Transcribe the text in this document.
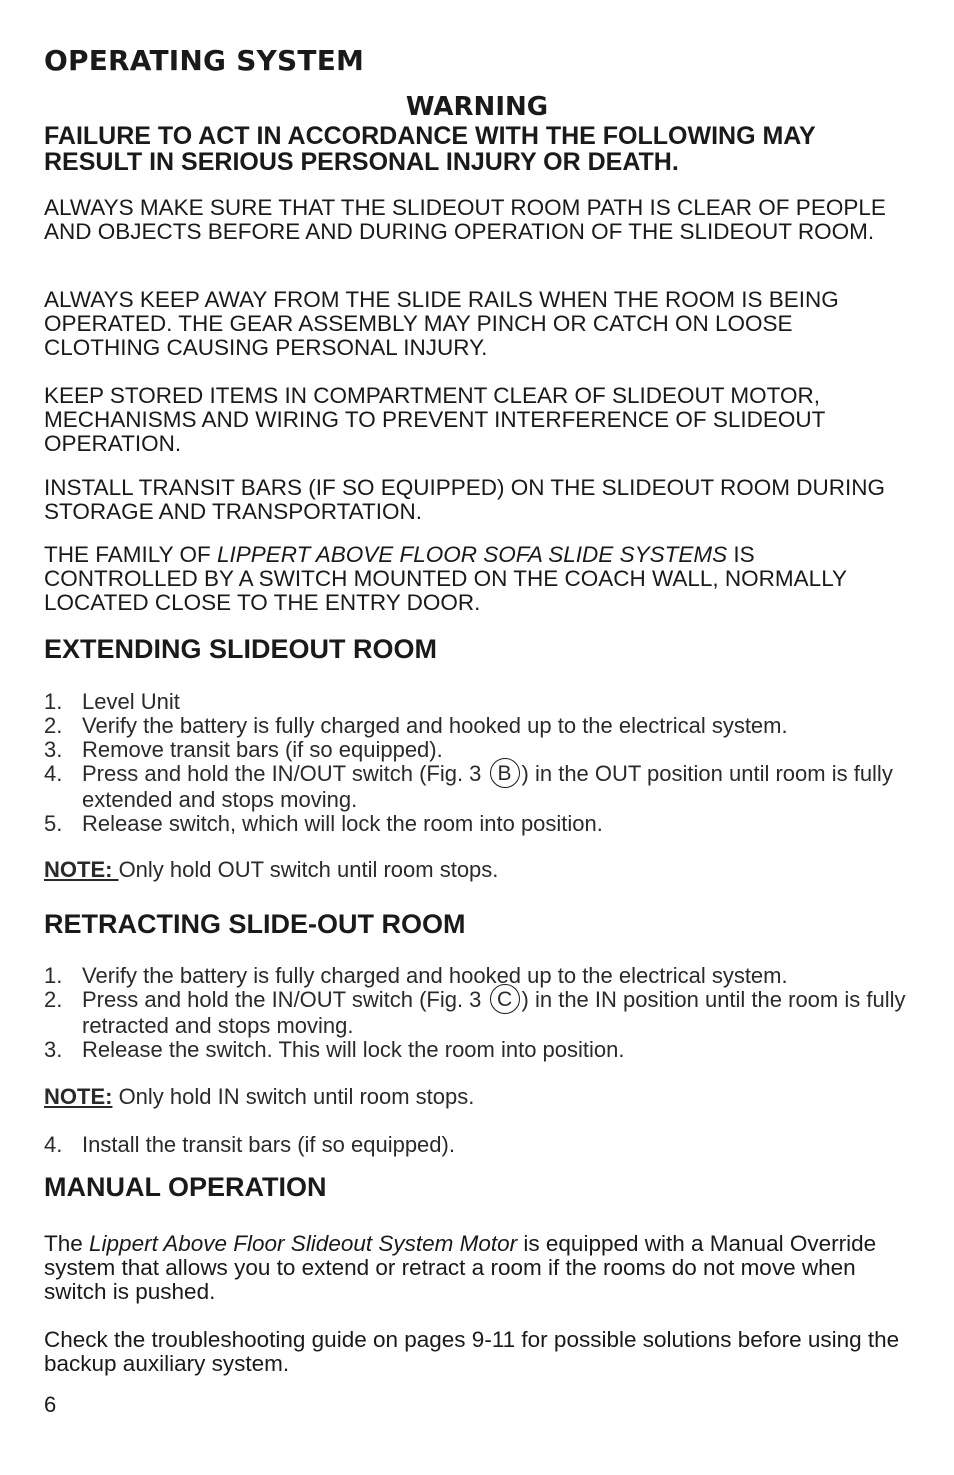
OPERATING SYSTEM
WARNING
FAILURE TO ACT IN ACCORDANCE WITH THE FOLLOWING MAY RESULT IN SERIOUS PERSONAL INJURY OR DEATH.
ALWAYS MAKE SURE THAT THE SLIDEOUT ROOM PATH IS CLEAR OF PEOPLE AND OBJECTS BEFORE AND DURING OPERATION OF THE SLIDEOUT ROOM.
ALWAYS KEEP AWAY FROM THE SLIDE RAILS WHEN THE ROOM IS BEING OPERATED. THE GEAR ASSEMBLY MAY PINCH OR CATCH ON LOOSE CLOTHING CAUSING PERSONAL INJURY.
KEEP STORED ITEMS IN COMPARTMENT CLEAR OF SLIDEOUT MOTOR, MECHANISMS AND WIRING TO PREVENT INTERFERENCE OF SLIDEOUT OPERATION.
INSTALL TRANSIT BARS (IF SO EQUIPPED) ON THE SLIDEOUT ROOM DURING STORAGE AND TRANSPORTATION.
THE FAMILY OF LIPPERT ABOVE FLOOR SOFA SLIDE SYSTEMS IS CONTROLLED BY A SWITCH MOUNTED ON THE COACH WALL, NORMALLY LOCATED CLOSE TO THE ENTRY DOOR.
EXTENDING SLIDEOUT ROOM
1. Level Unit
2. Verify the battery is fully charged and hooked up to the electrical system.
3. Remove transit bars (if so equipped).
4. Press and hold the IN/OUT switch (Fig. 3 B ) in the OUT position until room is fully extended and stops moving.
5. Release switch, which will lock the room into position.
NOTE: Only hold OUT switch until room stops.
RETRACTING SLIDE-OUT ROOM
1. Verify the battery is fully charged and hooked up to the electrical system.
2. Press and hold the IN/OUT switch (Fig. 3 C ) in the IN position until the room is fully retracted and stops moving.
3. Release the switch. This will lock the room into position.
NOTE: Only hold IN switch until room stops.
4. Install the transit bars (if so equipped).
MANUAL OPERATION
The Lippert Above Floor Slideout System Motor is equipped with a Manual Override system that allows you to extend or retract a room if the rooms do not move when switch is pushed.
Check the troubleshooting guide on pages 9-11 for possible solutions before using the backup auxiliary system.
6
